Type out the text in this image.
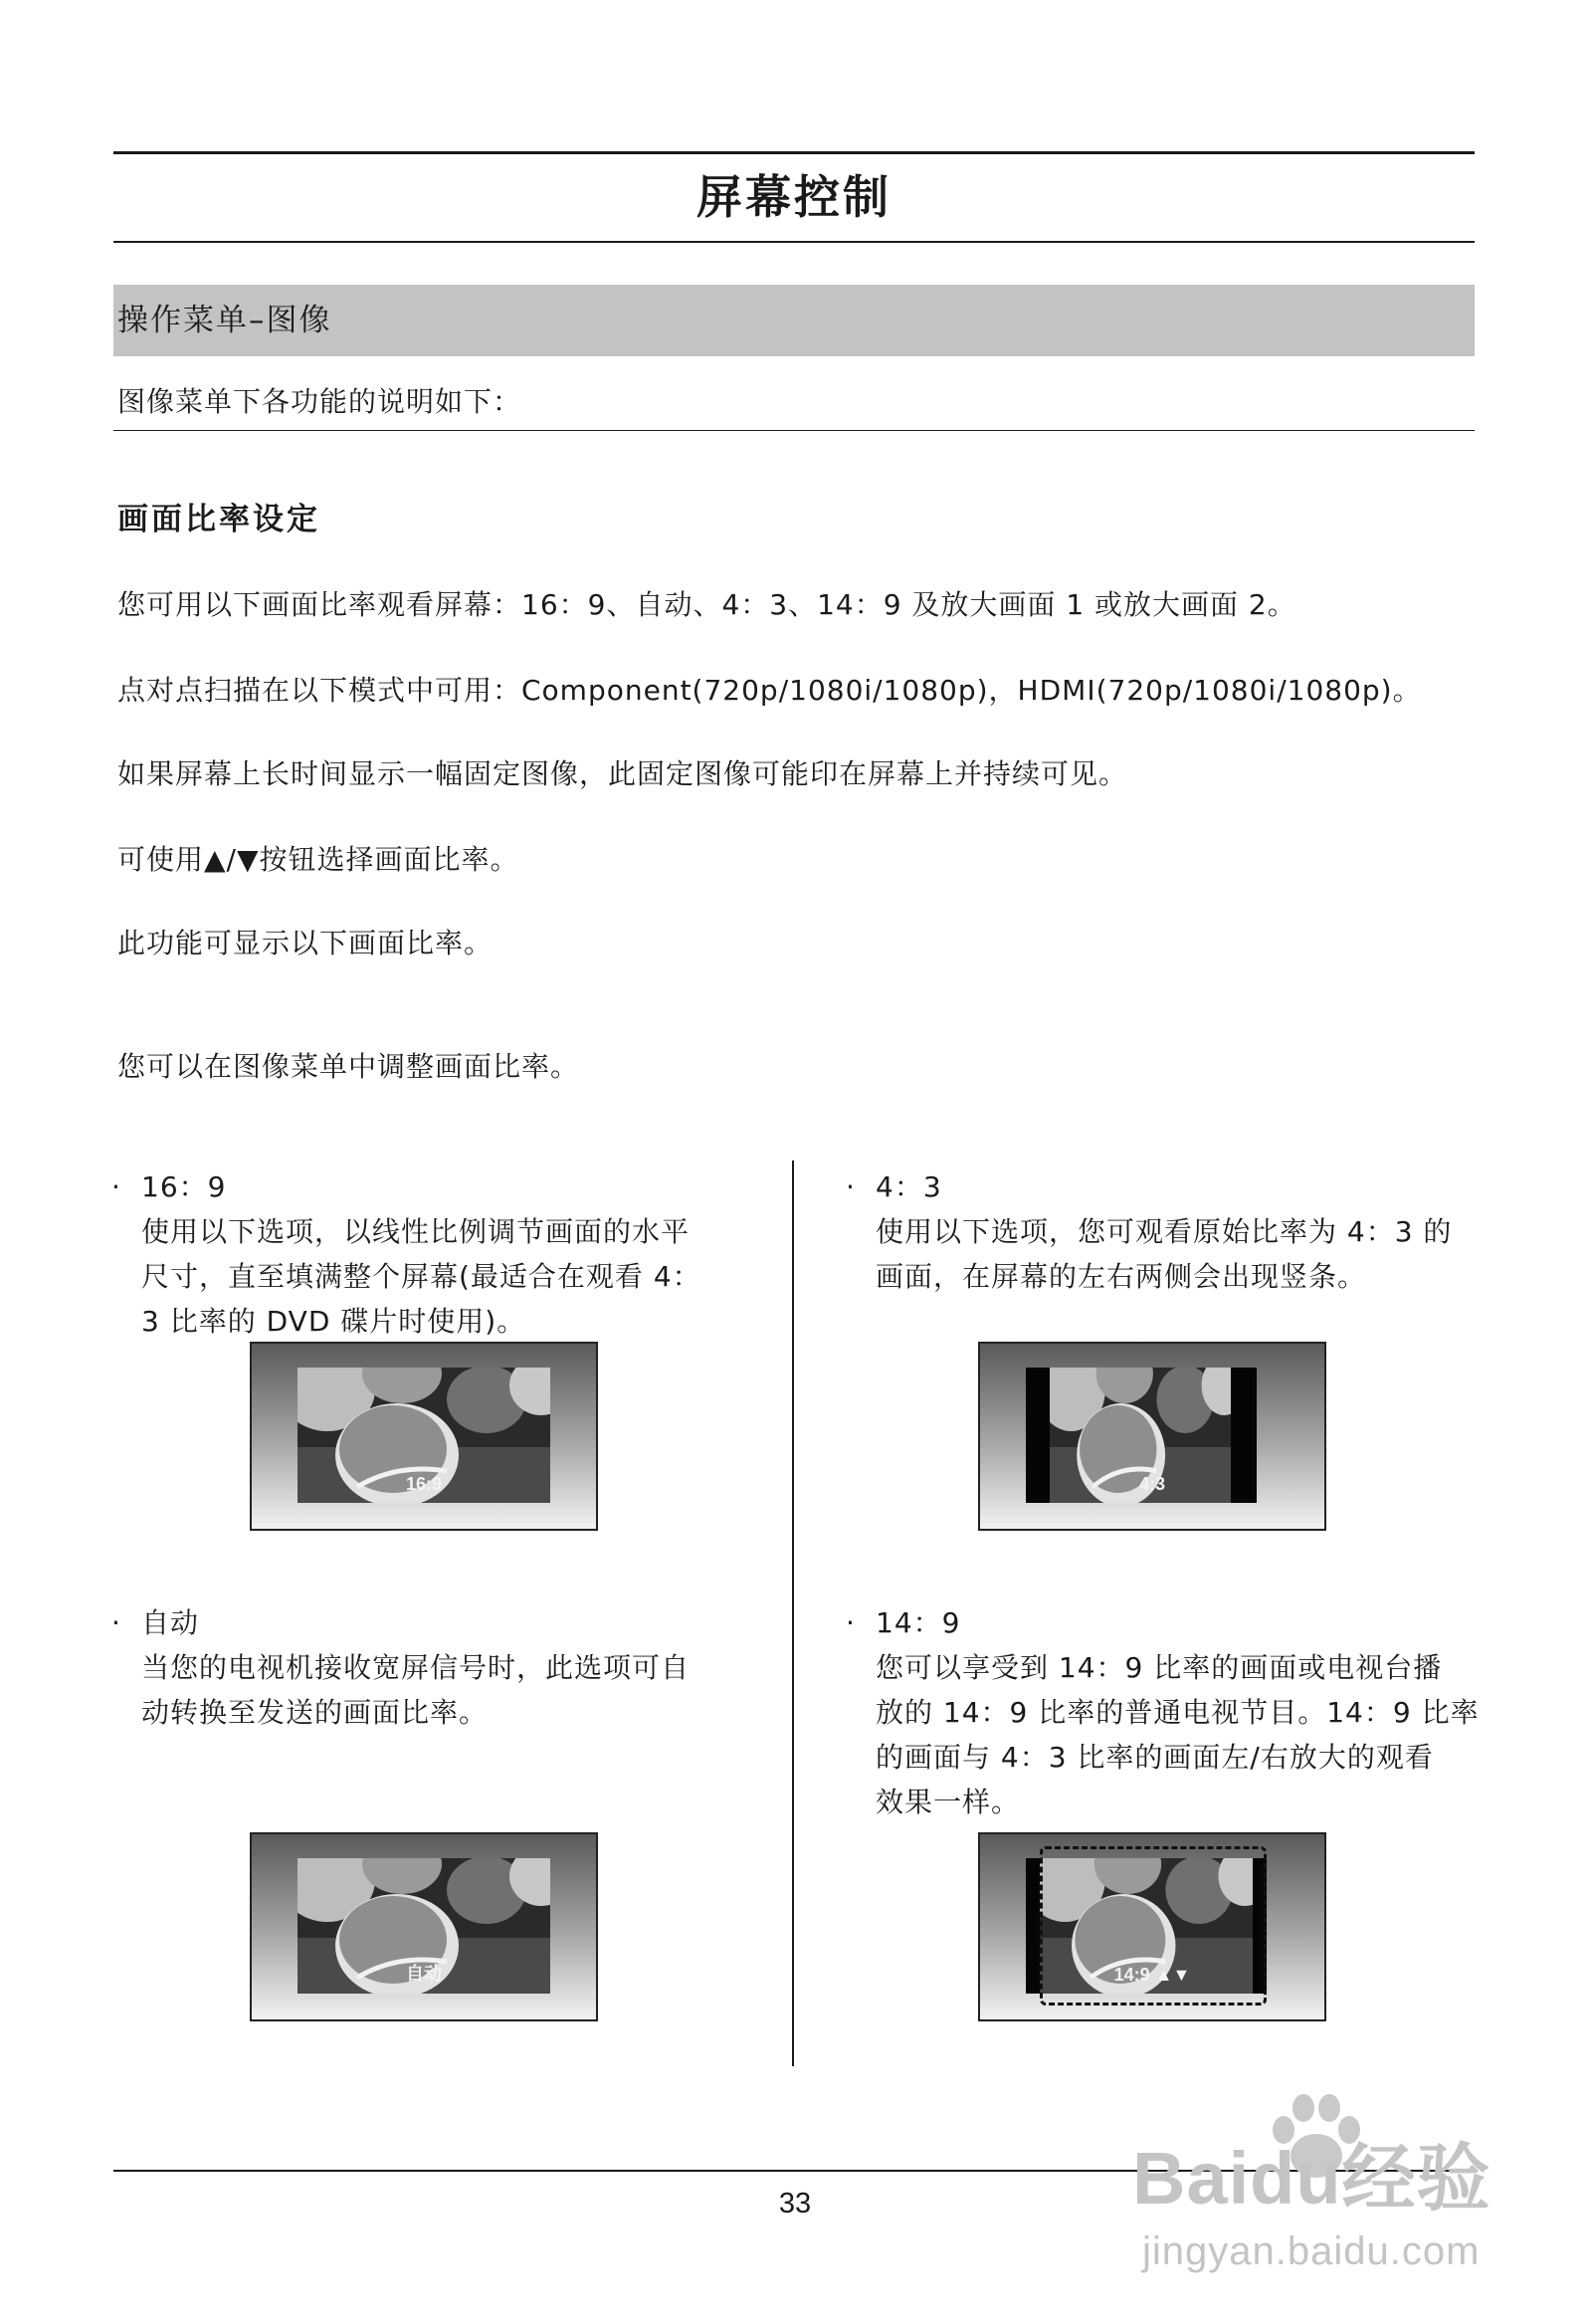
屏幕控制
操作菜单–图像
图像菜单下各功能的说明如下：
画面比率设定
您可用以下画面比率观看屏幕：16：9、自动、4：3、14：9 及放大画面 1 或放大画面 2。
点对点扫描在以下模式中可用：Component(720p/1080i/1080p)，HDMI(720p/1080i/1080p)。
如果屏幕上长时间显示一幅固定图像，此固定图像可能印在屏幕上并持续可见。
可使用▲/▼按钮选择画面比率。
此功能可显示以下画面比率。
您可以在图像菜单中调整画面比率。
· 16：9
使用以下选项，以线性比例调节画面的水平
尺寸，直至填满整个屏幕(最适合在观看 4：
3 比率的 DVD 碟片时使用)。
· 4：3
使用以下选项，您可观看原始比率为 4：3 的
画面，在屏幕的左右两侧会出现竖条。
· 自动
当您的电视机接收宽屏信号时，此选项可自
动转换至发送的画面比率。
· 14：9
您可以享受到 14：9 比率的画面或电视台播
放的 14：9 比率的普通电视节目。14：9 比率
的画面与 4：3 比率的画面左/右放大的观看
效果一样。
16:9	4:3
自动	14:9 ▲▼
33	Baidu经验
jingyan.baidu.com
